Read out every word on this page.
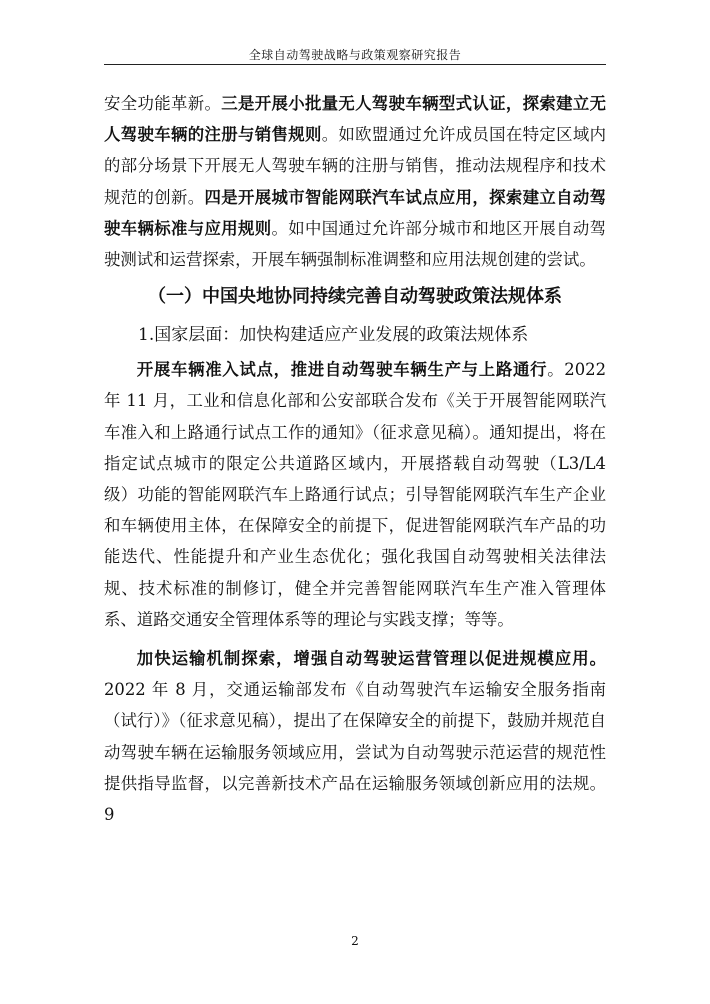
全球自动驾驶战略与政策观察研究报告

安全功能革新。三是开展小批量无人驾驶车辆型式认证，探索建立无人驾驶车辆的注册与销售规则。如欧盟通过允许成员国在特定区域内的部分场景下开展无人驾驶车辆的注册与销售，推动法规程序和技术规范的创新。四是开展城市智能网联汽车试点应用，探索建立自动驾驶车辆标准与应用规则。如中国通过允许部分城市和地区开展自动驾驶测试和运营探索，开展车辆强制标准调整和应用法规创建的尝试。

（一）中国央地协同持续完善自动驾驶政策法规体系
1.国家层面：加快构建适应产业发展的政策法规体系

开展车辆准入试点，推进自动驾驶车辆生产与上路通行。2022 年 11 月，工业和信息化部和公安部联合发布《关于开展智能网联汽车准入和上路通行试点工作的通知》（征求意见稿）。通知提出，将在指定试点城市的限定公共道路区域内，开展搭载自动驾驶（L3/L4 级）功能的智能网联汽车上路通行试点；引导智能网联汽车生产企业和车辆使用主体，在保障安全的前提下，促进智能网联汽车产品的功能迭代、性能提升和产业生态优化；强化我国自动驾驶相关法律法规、技术标准的制修订，健全并完善智能网联汽车生产准入管理体系、道路交通安全管理体系等的理论与实践支撑；等等。

加快运输机制探索，增强自动驾驶运营管理以促进规模应用。2022 年 8 月，交通运输部发布《自动驾驶汽车运输安全服务指南（试行）》（征求意见稿），提出了在保障安全的前提下，鼓励并规范自动驾驶车辆在运输服务领域应用，尝试为自动驾驶示范运营的规范性提供指导监督，以完善新技术产品在运输服务领域创新应用的法规。9

2
